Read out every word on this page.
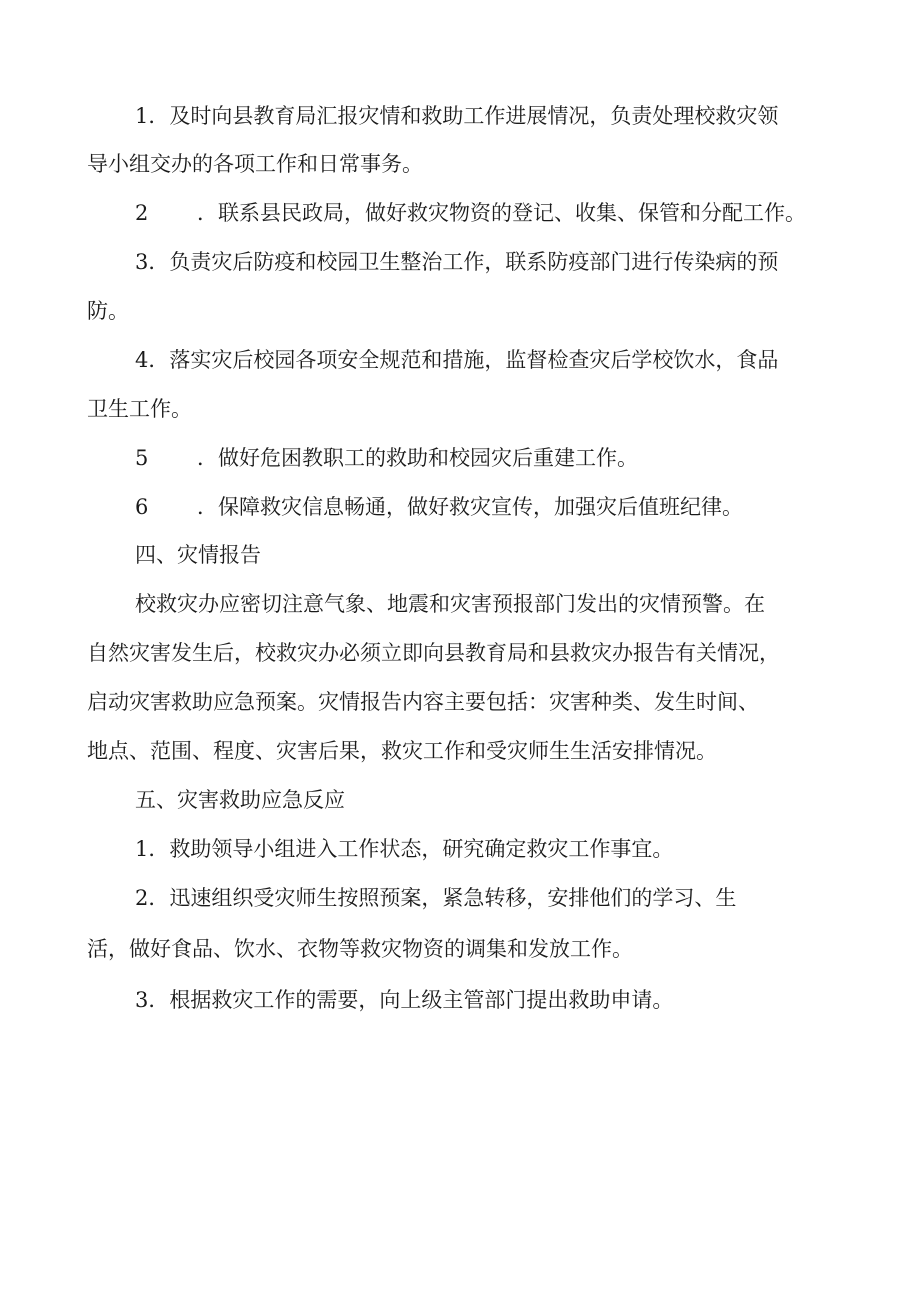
1．及时向县教育局汇报灾情和救助工作进展情况，负责处理校救灾领
导小组交办的各项工作和日常事务。
2 ．联系县民政局，做好救灾物资的登记、收集、保管和分配工作。
3．负责灾后防疫和校园卫生整治工作，联系防疫部门进行传染病的预
防。
4．落实灾后校园各项安全规范和措施，监督检查灾后学校饮水，食品
卫生工作。
5 ．做好危困教职工的救助和校园灾后重建工作。
6 ．保障救灾信息畅通，做好救灾宣传，加强灾后值班纪律。
四、灾情报告
校救灾办应密切注意气象、地震和灾害预报部门发出的灾情预警。在
自然灾害发生后，校救灾办必须立即向县教育局和县救灾办报告有关情况，
启动灾害救助应急预案。灾情报告内容主要包括：灾害种类、发生时间、
地点、范围、程度、灾害后果，救灾工作和受灾师生生活安排情况。
五、灾害救助应急反应
1．救助领导小组进入工作状态，研究确定救灾工作事宜。
2．迅速组织受灾师生按照预案，紧急转移，安排他们的学习、生
活，做好食品、饮水、衣物等救灾物资的调集和发放工作。
3．根据救灾工作的需要，向上级主管部门提出救助申请。
